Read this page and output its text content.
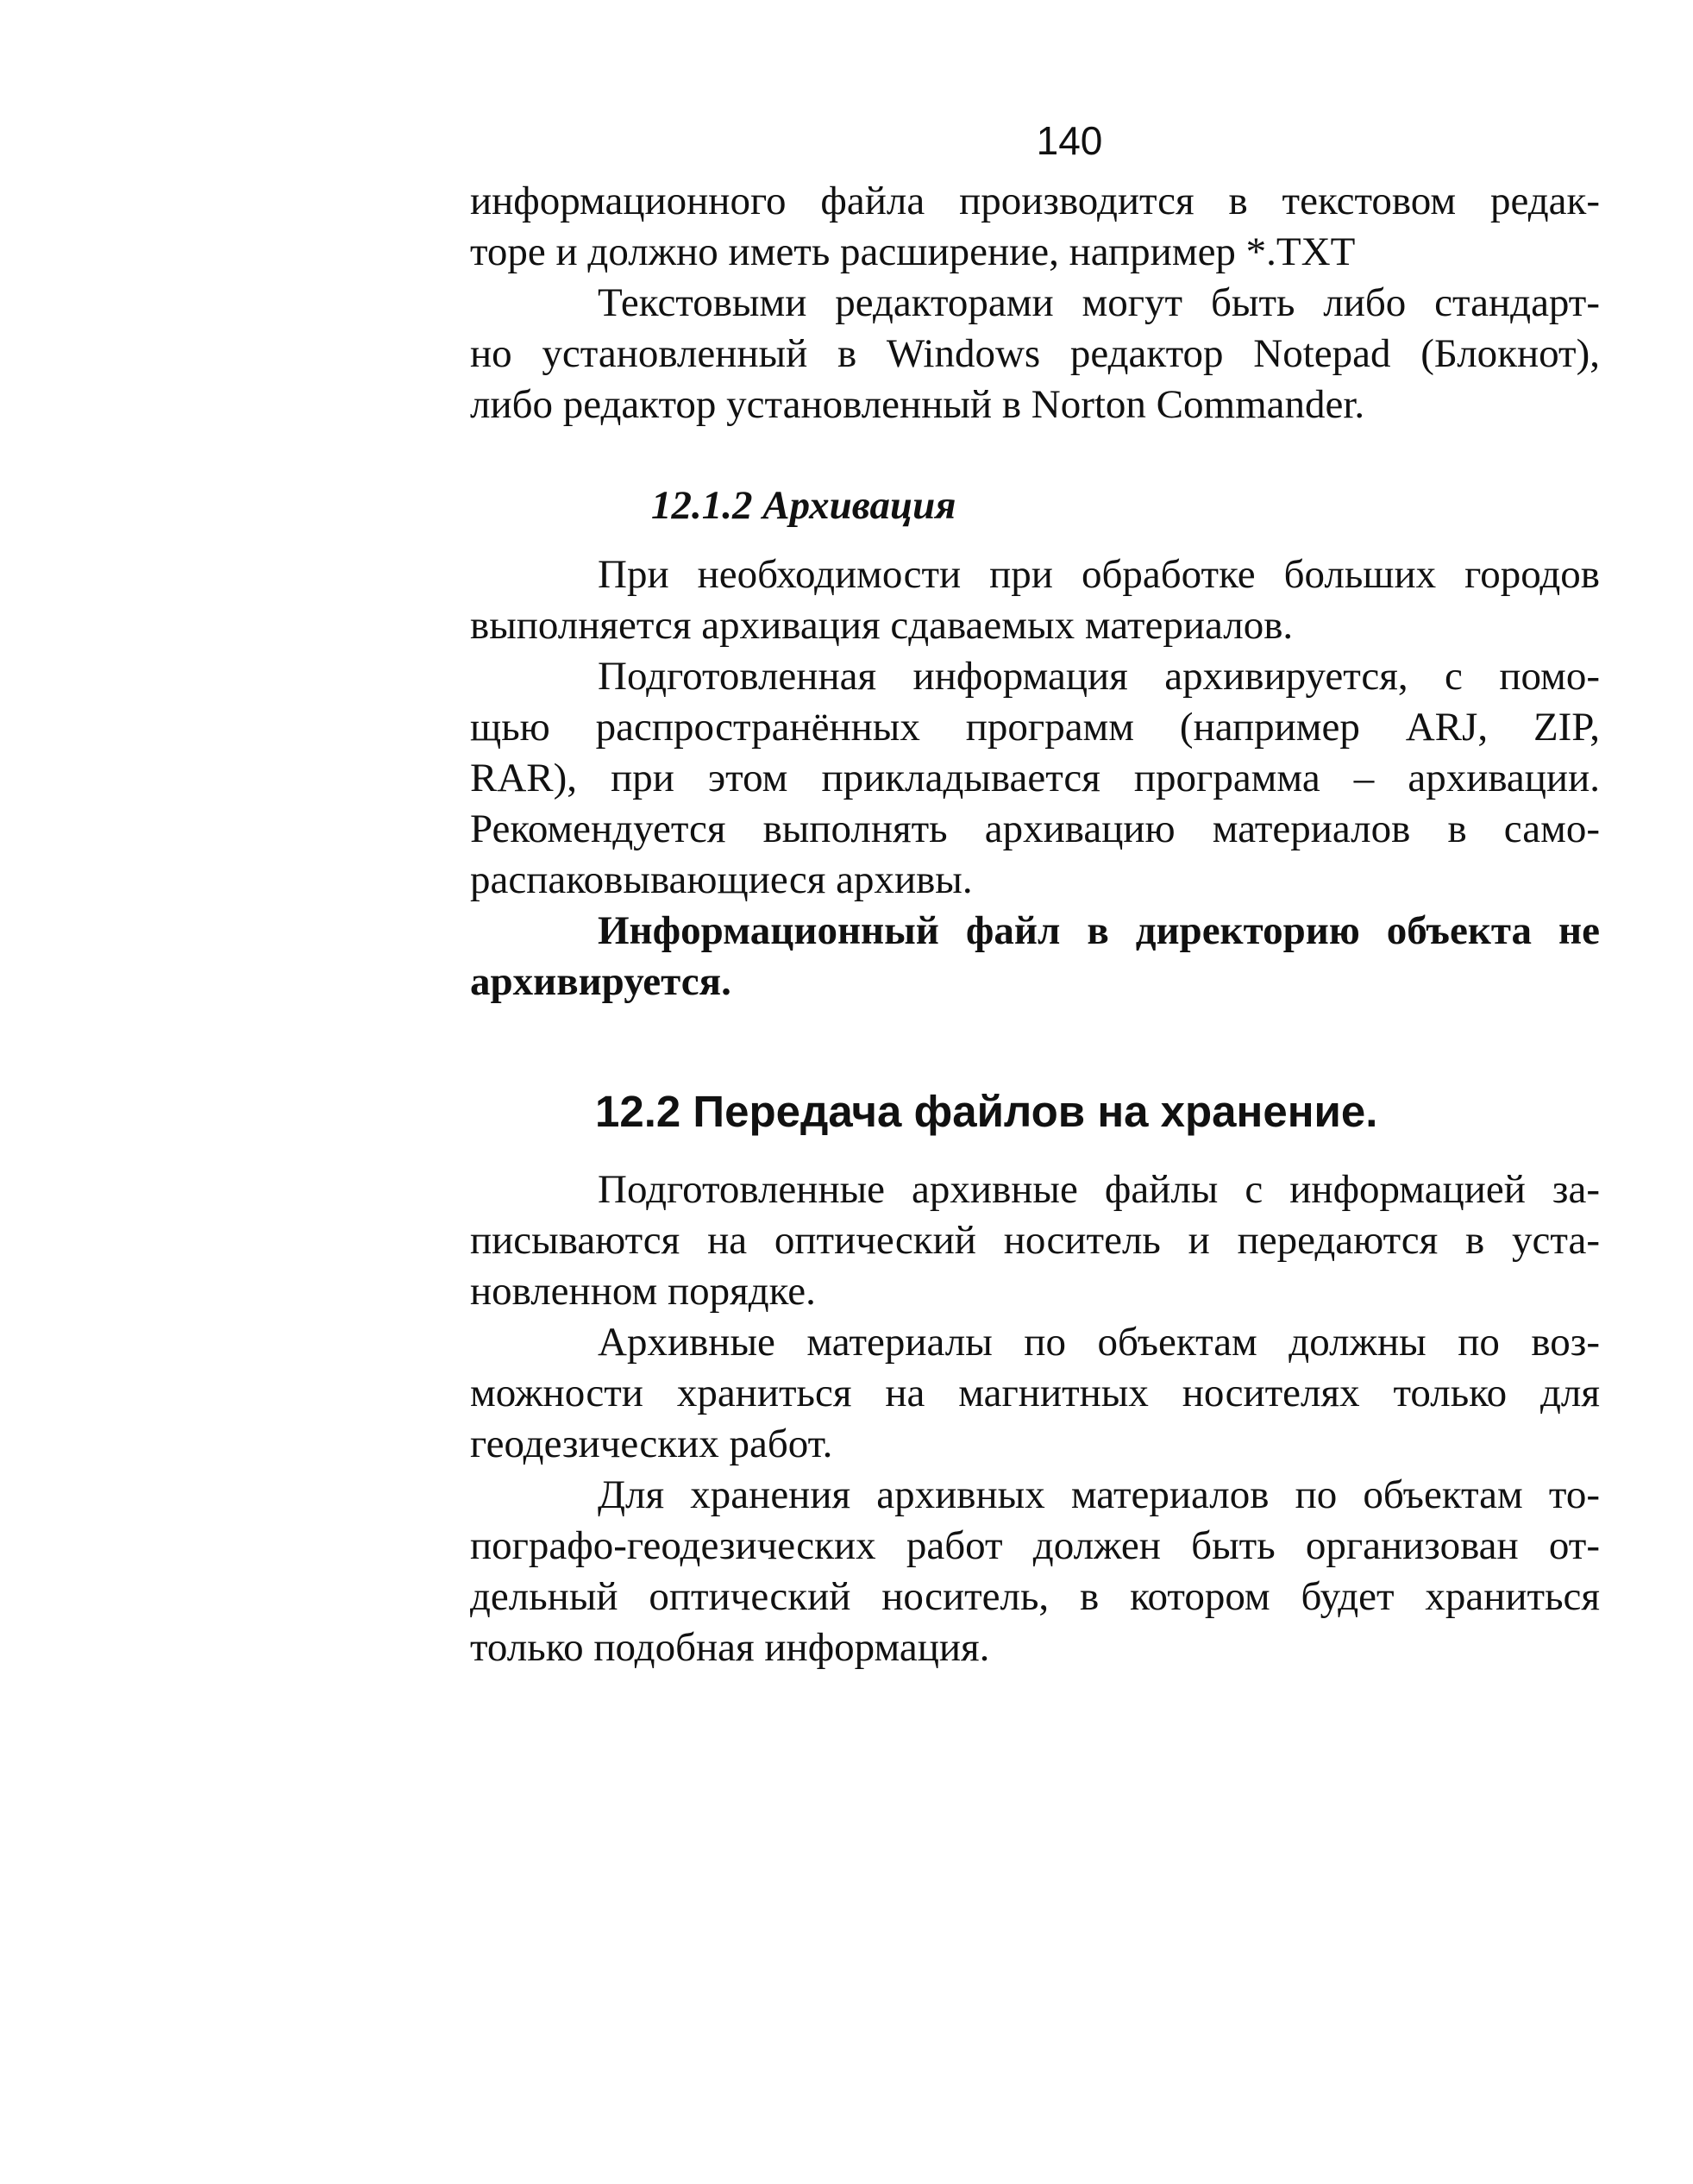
140
информационного файла производится в текстовом редак-
торе и должно иметь расширение, например *.TXT
Текстовыми редакторами могут быть либо стандарт-
но установленный в Windows редактор Notepad (Блокнот),
либо редактор установленный в Norton Commander.
12.1.2 Архивация
При необходимости при обработке больших городов
выполняется архивация сдаваемых материалов.
Подготовленная информация архивируется, с помо-
щью распространённых программ (например ARJ, ZIP,
RAR), при этом прикладывается программа – архивации.
Рекомендуется выполнять архивацию материалов в само-
распаковывающиеся архивы.
Информационный файл в директорию объекта не
архивируется.
12.2 Передача файлов на хранение.
Подготовленные архивные файлы с информацией за-
писываются на оптический носитель и передаются в уста-
новленном порядке.
Архивные материалы по объектам должны по воз-
можности храниться на магнитных носителях только для
геодезических работ.
Для хранения архивных материалов по объектам то-
пографо-геодезических работ должен быть организован от-
дельный оптический носитель, в котором будет храниться
только подобная информация.
